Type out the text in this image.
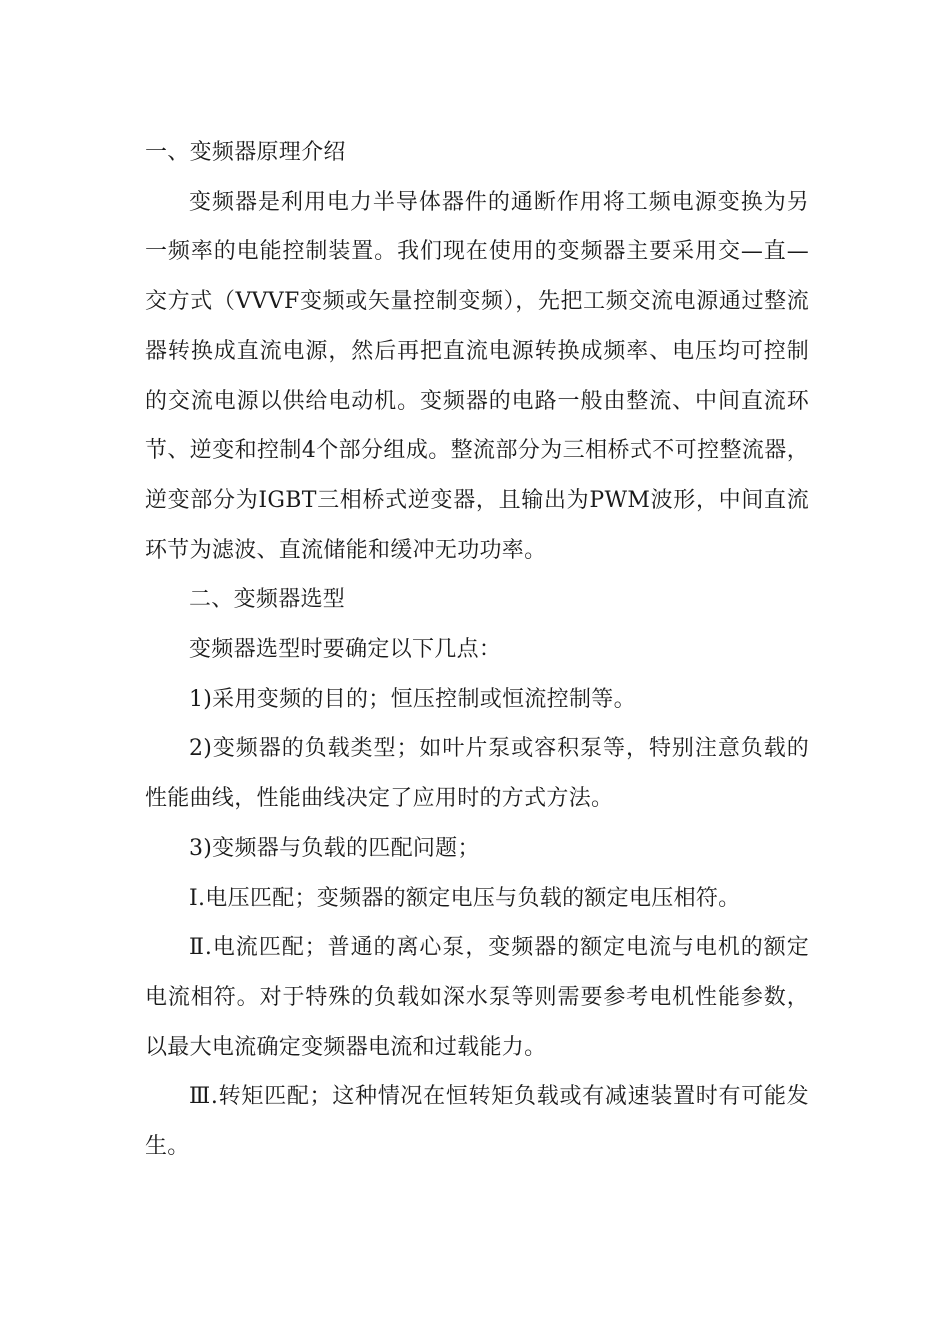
一、变频器原理介绍

变频器是利用电力半导体器件的通断作用将工频电源变换为另一频率的电能控制装置。我们现在使用的变频器主要采用交—直—交方式（VVVF变频或矢量控制变频），先把工频交流电源通过整流器转换成直流电源，然后再把直流电源转换成频率、电压均可控制的交流电源以供给电动机。变频器的电路一般由整流、中间直流环节、逆变和控制4个部分组成。整流部分为三相桥式不可控整流器，逆变部分为IGBT三相桥式逆变器，且输出为PWM波形，中间直流环节为滤波、直流储能和缓冲无功功率。

二、变频器选型

变频器选型时要确定以下几点：

1)采用变频的目的；恒压控制或恒流控制等。

2)变频器的负载类型；如叶片泵或容积泵等，特别注意负载的性能曲线，性能曲线决定了应用时的方式方法。

3)变频器与负载的匹配问题；

Ⅰ.电压匹配；变频器的额定电压与负载的额定电压相符。

Ⅱ.电流匹配；普通的离心泵，变频器的额定电流与电机的额定电流相符。对于特殊的负载如深水泵等则需要参考电机性能参数，以最大电流确定变频器电流和过载能力。

Ⅲ.转矩匹配；这种情况在恒转矩负载或有减速装置时有可能发生。
